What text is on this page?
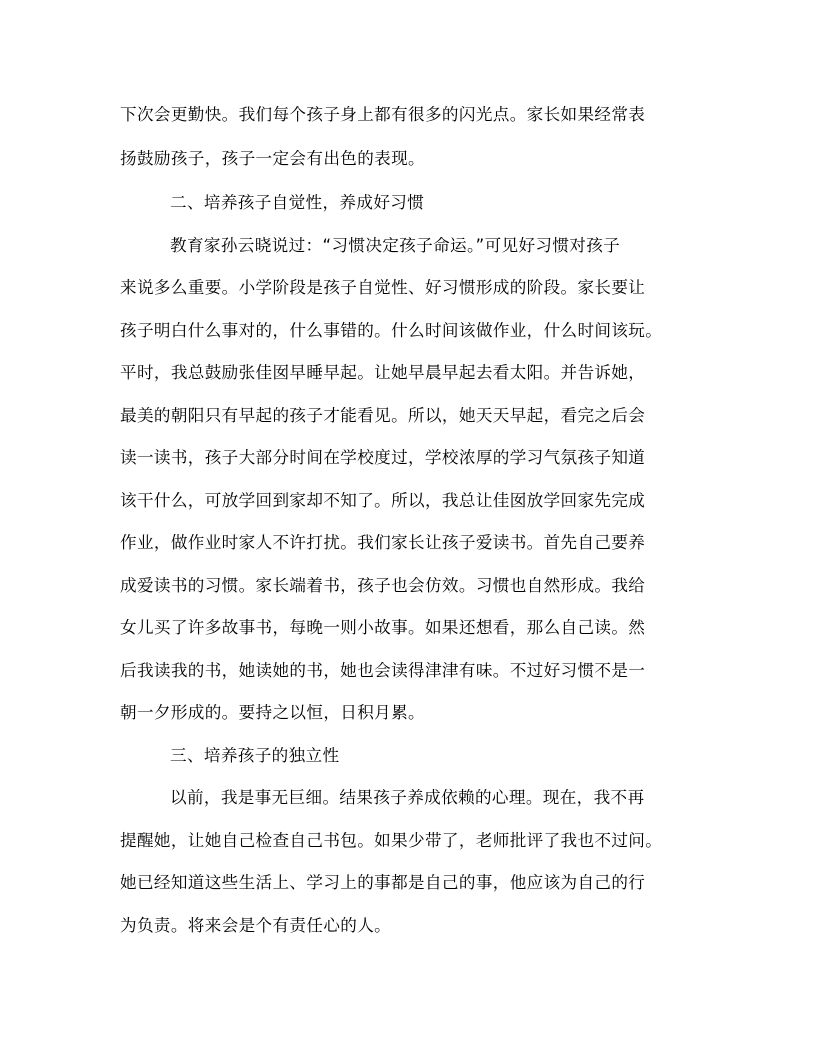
下次会更勤快。我们每个孩子身上都有很多的闪光点。家长如果经常表
扬鼓励孩子，孩子一定会有出色的表现。
二、培养孩子自觉性，养成好习惯
教育家孙云晓说过：“习惯决定孩子命运。”可见好习惯对孩子
来说多么重要。小学阶段是孩子自觉性、好习惯形成的阶段。家长要让
孩子明白什么事对的，什么事错的。什么时间该做作业，什么时间该玩。
平时，我总鼓励张佳囡早睡早起。让她早晨早起去看太阳。并告诉她，
最美的朝阳只有早起的孩子才能看见。所以，她天天早起，看完之后会
读一读书，孩子大部分时间在学校度过，学校浓厚的学习气氛孩子知道
该干什么，可放学回到家却不知了。所以，我总让佳囡放学回家先完成
作业，做作业时家人不许打扰。我们家长让孩子爱读书。首先自己要养
成爱读书的习惯。家长端着书，孩子也会仿效。习惯也自然形成。我给
女儿买了许多故事书，每晚一则小故事。如果还想看，那么自己读。然
后我读我的书，她读她的书，她也会读得津津有味。不过好习惯不是一
朝一夕形成的。要持之以恒，日积月累。
三、培养孩子的独立性
以前，我是事无巨细。结果孩子养成依赖的心理。现在，我不再
提醒她，让她自己检查自己书包。如果少带了，老师批评了我也不过问。
她已经知道这些生活上、学习上的事都是自己的事，他应该为自己的行
为负责。将来会是个有责任心的人。
